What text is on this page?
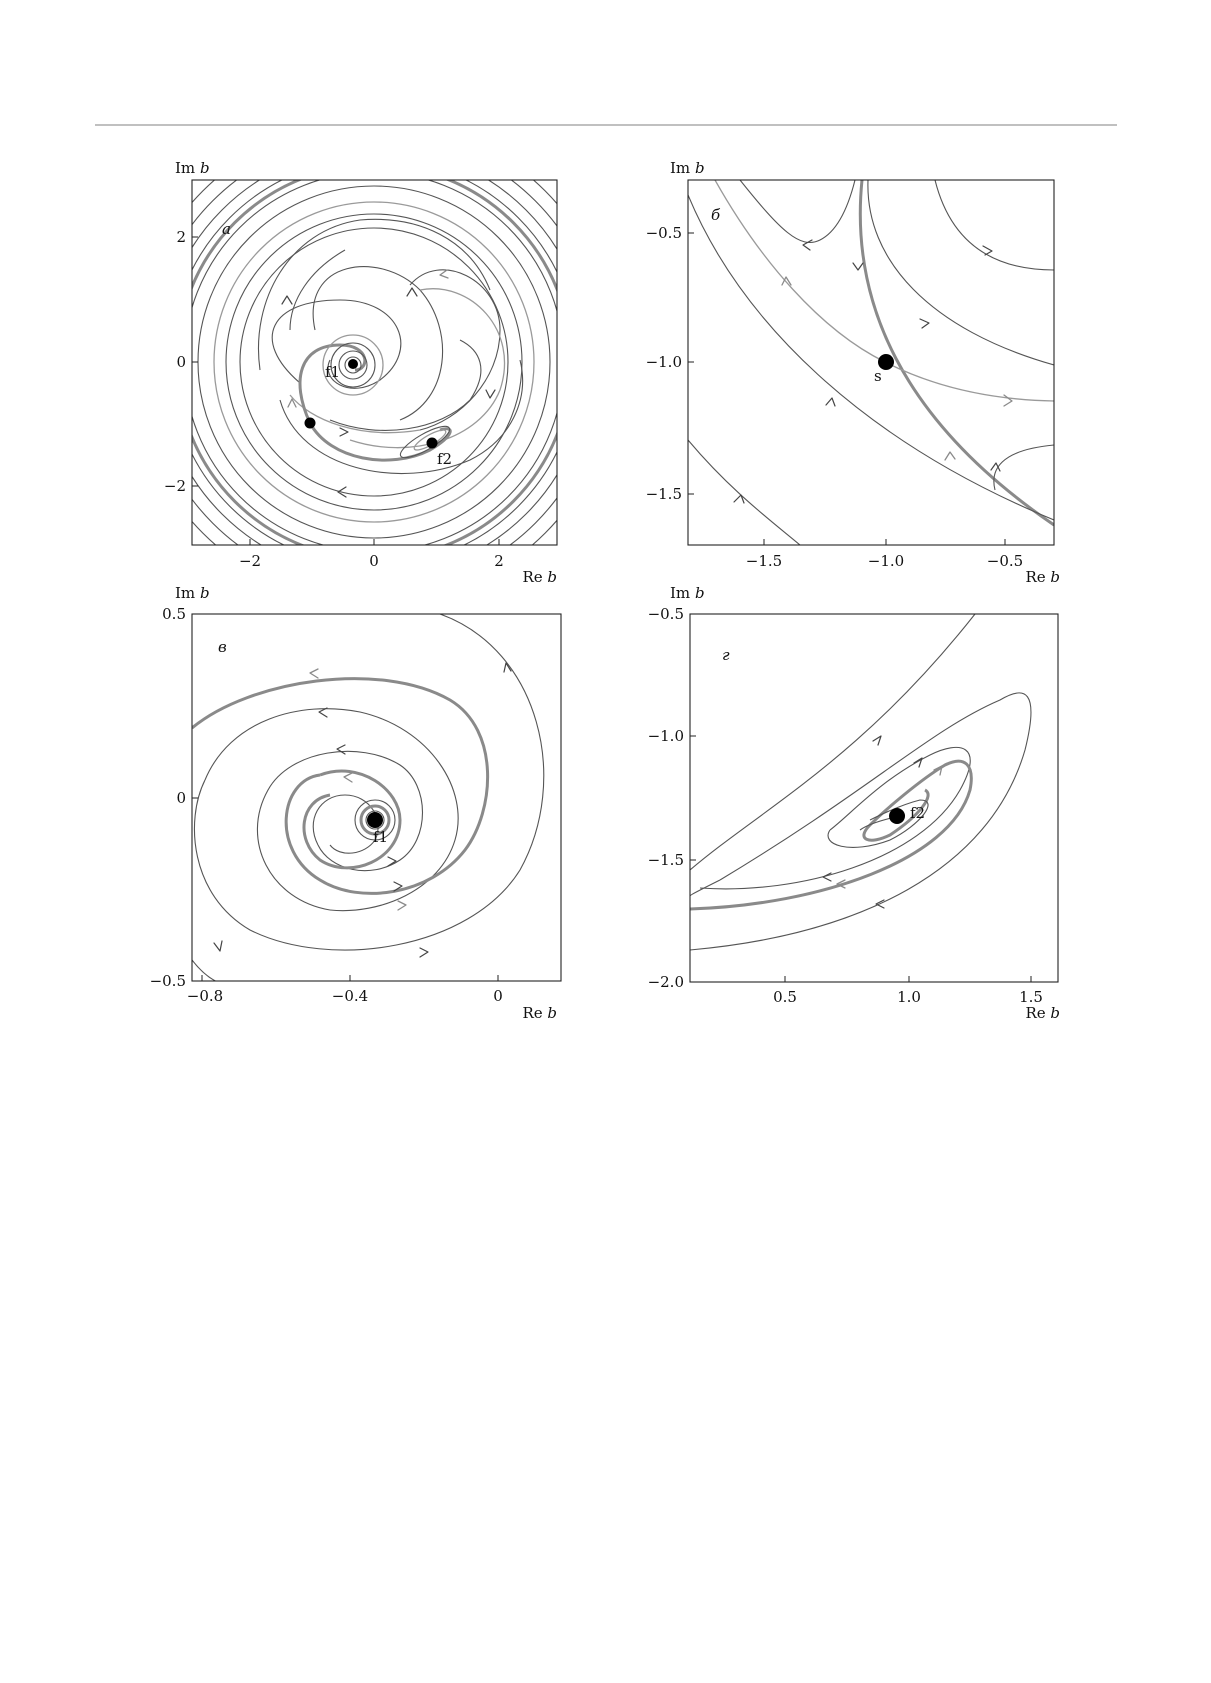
−2	0	2
2
0
−2
Im b
Re b
а
f1
f2
−1.5	−1.0	−0.5
−0.5
−1.0
−1.5
Im b
Re b
б
s
−0.8	−0.4	0
0.5
0
−0.5
Im b
Re b
в
f1
0.5	1.0	1.5
−0.5
−1.0
−1.5
−2.0
Im b
Re b
г
f2
